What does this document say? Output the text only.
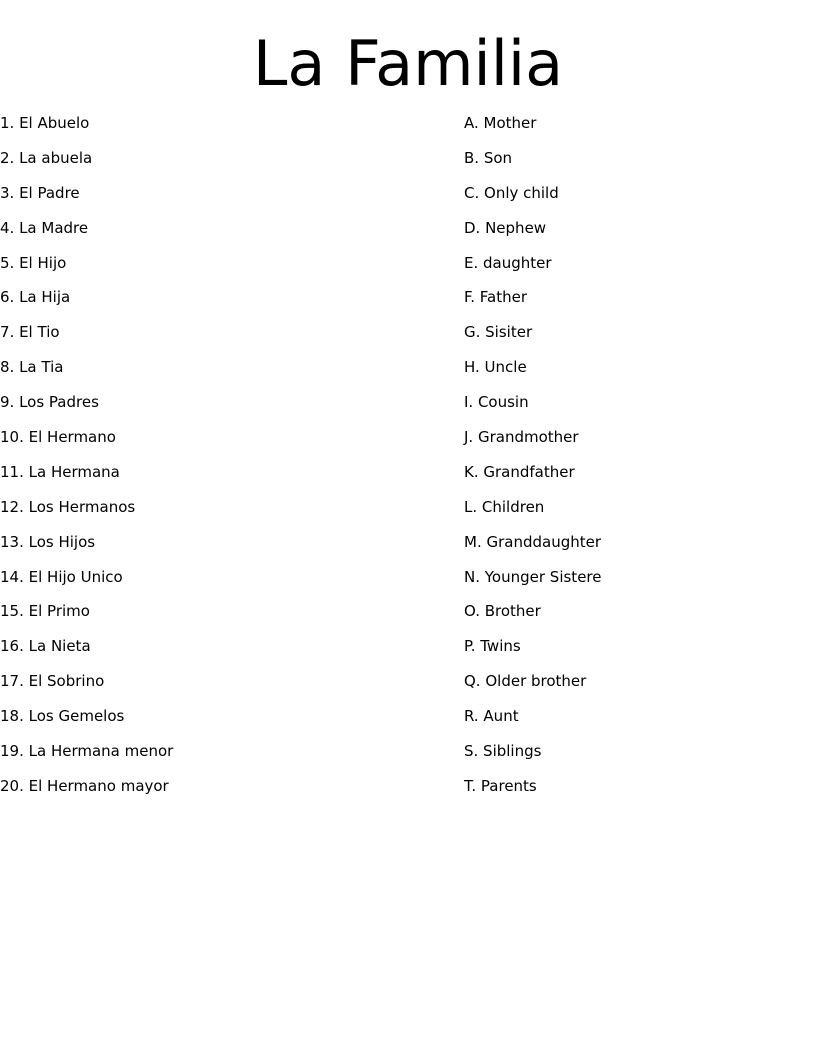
La Familia
1. El Abuelo
2. La abuela
3. El Padre
4. La Madre
5. El Hijo
6. La Hija
7. El Tio
8. La Tia
9. Los Padres
10. El Hermano
11. La Hermana
12. Los Hermanos
13. Los Hijos
14. El Hijo Unico
15. El Primo
16. La Nieta
17. El Sobrino
18. Los Gemelos
19. La Hermana menor
20. El Hermano mayor
A. Mother
B. Son
C. Only child
D. Nephew
E. daughter
F. Father
G. Sisiter
H. Uncle
I. Cousin
J. Grandmother
K. Grandfather
L. Children
M. Granddaughter
N. Younger Sistere
O. Brother
P. Twins
Q. Older brother
R. Aunt
S. Siblings
T. Parents
